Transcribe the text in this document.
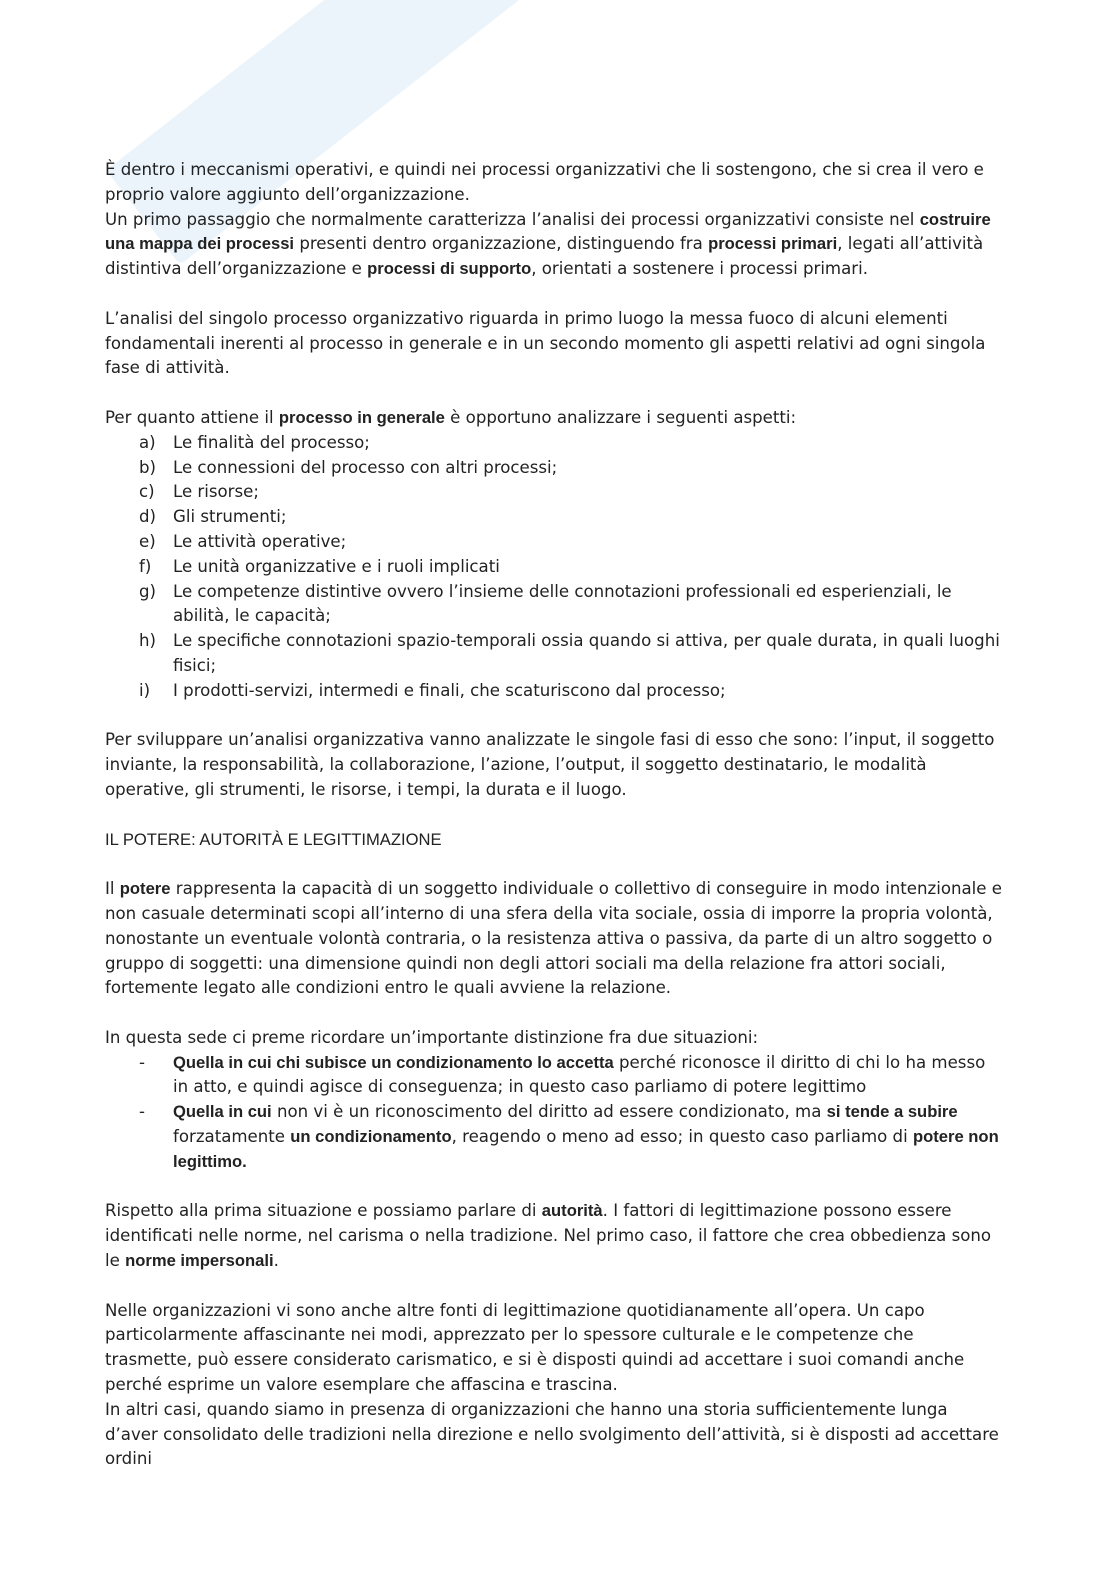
È dentro i meccanismi operativi, e quindi nei processi organizzativi che li sostengono, che si crea il vero e proprio valore aggiunto dell’organizzazione.

Un primo passaggio che normalmente caratterizza l’analisi dei processi organizzativi consiste nel costruire una mappa dei processi presenti dentro organizzazione, distinguendo fra processi primari, legati all’attività distintiva dell’organizzazione e processi di supporto, orientati a sostenere i processi primari.

L’analisi del singolo processo organizzativo riguarda in primo luogo la messa fuoco di alcuni elementi fondamentali inerenti al processo in generale e in un secondo momento gli aspetti relativi ad ogni singola fase di attività.

Per quanto attiene il processo in generale è opportuno analizzare i seguenti aspetti:

a)	Le finalità del processo;
b)	Le connessioni del processo con altri processi;
c)	Le risorse;
d)	Gli strumenti;
e)	Le attività operative;
f)	Le unità organizzative e i ruoli implicati
g)	Le competenze distintive ovvero l’insieme delle connotazioni professionali ed esperienziali, le abilità, le capacità;
h)	Le specifiche connotazioni spazio-temporali ossia quando si attiva, per quale durata, in quali luoghi fisici;
i)	I prodotti-servizi, intermedi e finali, che scaturiscono dal processo;

Per sviluppare un’analisi organizzativa vanno analizzate le singole fasi di esso che sono: l’input, il soggetto inviante, la responsabilità, la collaborazione, l’azione, l’output, il soggetto destinatario, le modalità operative, gli strumenti, le risorse, i tempi, la durata e il luogo.

IL POTERE: AUTORITÀ E LEGITTIMAZIONE

Il potere rappresenta la capacità di un soggetto individuale o collettivo di conseguire in modo intenzionale e non casuale determinati scopi all’interno di una sfera della vita sociale, ossia di imporre la propria volontà, nonostante un eventuale volontà contraria, o la resistenza attiva o passiva, da parte di un altro soggetto o gruppo di soggetti: una dimensione quindi non degli attori sociali ma della relazione fra attori sociali, fortemente legato alle condizioni entro le quali avviene la relazione.

In questa sede ci preme ricordare un’importante distinzione fra due situazioni:

-	Quella in cui chi subisce un condizionamento lo accetta perché riconosce il diritto di chi lo ha messo in atto, e quindi agisce di conseguenza; in questo caso parliamo di potere legittimo
-	Quella in cui non vi è un riconoscimento del diritto ad essere condizionato, ma si tende a subire forzatamente un condizionamento, reagendo o meno ad esso; in questo caso parliamo di potere non legittimo.

Rispetto alla prima situazione e possiamo parlare di autorità. I fattori di legittimazione possono essere identificati nelle norme, nel carisma o nella tradizione. Nel primo caso, il fattore che crea obbedienza sono le norme impersonali.

Nelle organizzazioni vi sono anche altre fonti di legittimazione quotidianamente all’opera. Un capo particolarmente affascinante nei modi, apprezzato per lo spessore culturale e le competenze che trasmette, può essere considerato carismatico, e si è disposti quindi ad accettare i suoi comandi anche perché esprime un valore esemplare che affascina e trascina.

In altri casi, quando siamo in presenza di organizzazioni che hanno una storia sufficientemente lunga d’aver consolidato delle tradizioni nella direzione e nello svolgimento dell’attività, si è disposti ad accettare ordini
